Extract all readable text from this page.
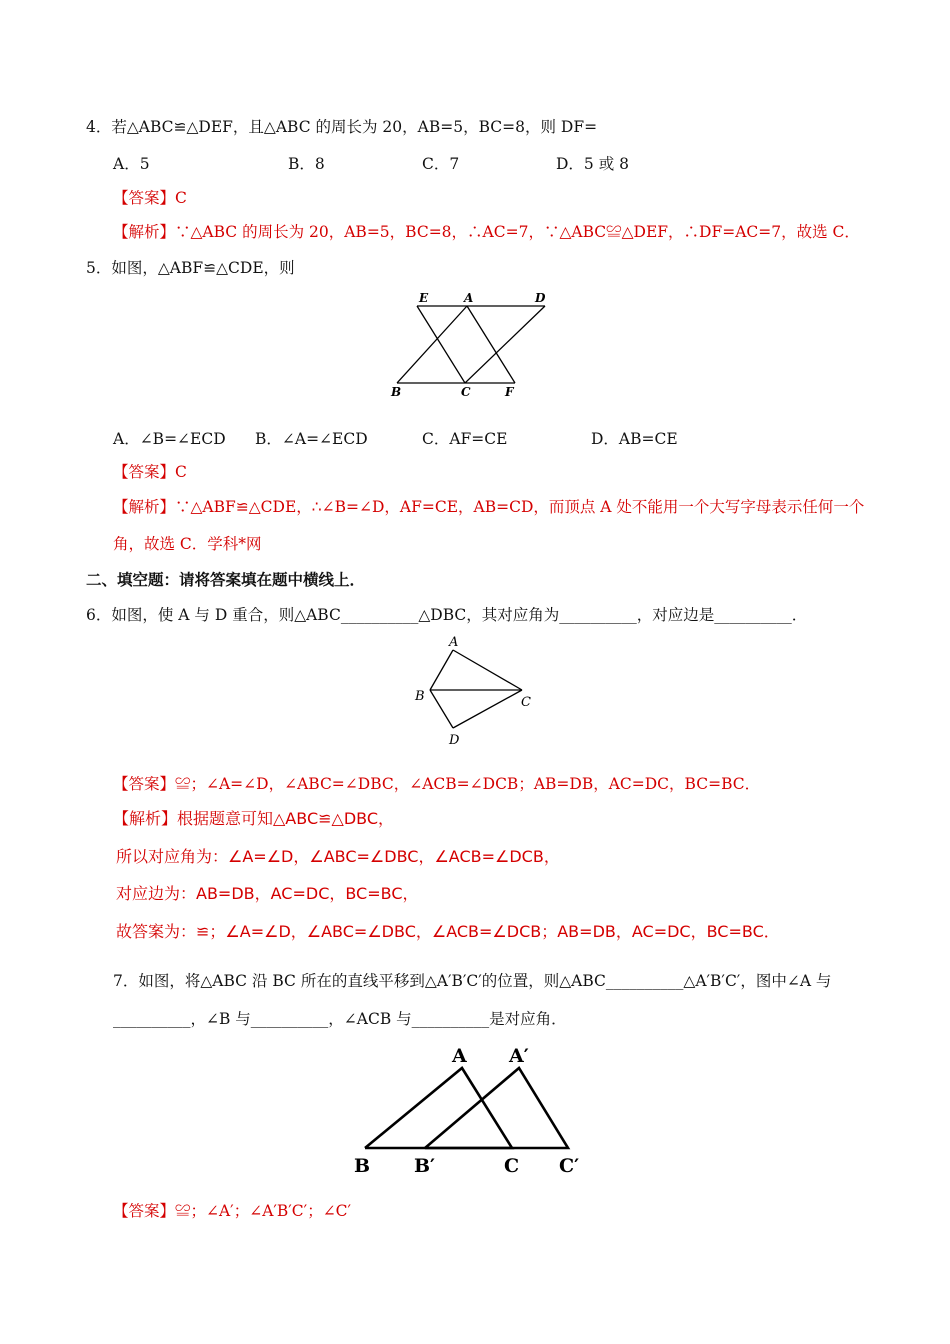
4．若△ABC≌△DEF，且△ABC 的周长为 20，AB=5，BC=8，则 DF=
A．5	B．8	C．7	D．5 或 8
【答案】C
【解析】∵△ABC 的周长为 20，AB=5，BC=8，∴AC=7，∵△ABC≌△DEF，∴DF=AC=7，故选 C．
5．如图，△ABF≌△CDE，则
E	A	D
B	C	F
A．∠B=∠ECD B．∠A=∠ECD	C．AF=CE	D．AB=CE
【答案】C
【解析】∵△ABF≌△CDE，∴∠B=∠D，AF=CE，AB=CD，而顶点 A 处不能用一个大写字母表示任何一个
角，故选 C．学科*网
二、填空题：请将答案填在题中横线上．
6．如图，使 A 与 D 重合，则△ABC__________△DBC，其对应角为__________，对应边是__________．
A
B	C
D
【答案】≌；∠A=∠D，∠ABC=∠DBC，∠ACB=∠DCB；AB=DB，AC=DC，BC=BC．
【解析】根据题意可知△ABC≌△DBC，
所以对应角为：∠A=∠D，∠ABC=∠DBC，∠ACB=∠DCB，
对应边为：AB=DB，AC=DC，BC=BC，
故答案为：≌；∠A=∠D，∠ABC=∠DBC，∠ACB=∠DCB；AB=DB，AC=DC，BC=BC．
7．如图，将△ABC 沿 BC 所在的直线平移到△A′B′C′的位置，则△ABC__________△A′B′C′，图中∠A 与
__________，∠B 与__________，∠ACB 与__________是对应角．
A A′
B B′	C C′
【答案】≌；∠A′；∠A′B′C′；∠C′
